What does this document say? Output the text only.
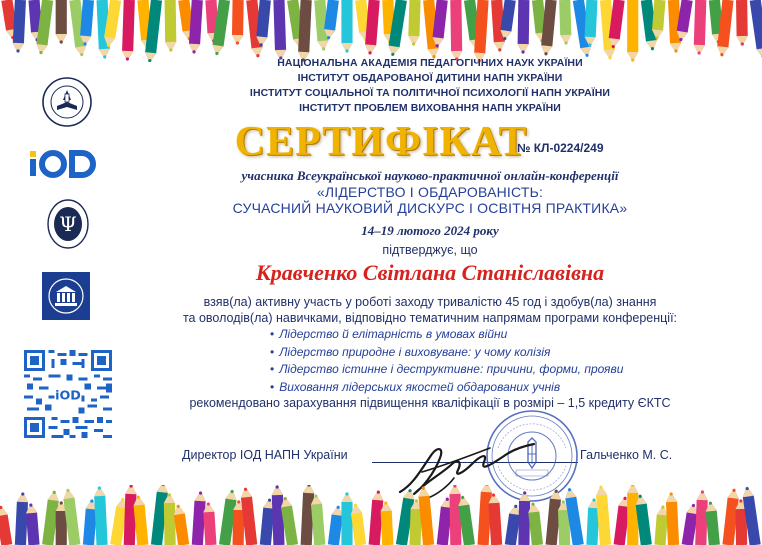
Ψ
iOD
НАЦІОНАЛЬНА АКАДЕМІЯ ПЕДАГОГІЧНИХ НАУК УКРАЇНИ
ІНСТИТУТ ОБДАРОВАНОЇ ДИТИНИ НАПН УКРАЇНИ
ІНСТИТУТ СОЦІАЛЬНОЇ ТА ПОЛІТИЧНОЇ ПСИХОЛОГІЇ НАПН УКРАЇНИ
ІНСТИТУТ ПРОБЛЕМ ВИХОВАННЯ НАПН УКРАЇНИ
СЕРТИФІКАТ
№ КЛ-0224/249
учасника Всеукраїнської науково-практичної онлайн-конференції
«ЛІДЕРСТВО І ОБДАРОВАНІСТЬ:
СУЧАСНИЙ НАУКОВИЙ ДИСКУРС І ОСВІТНЯ ПРАКТИКА»
14–19 лютого 2024 року
підтверджує, що
Кравченко Світлана Станіславівна
взяв(ла) активну участь у роботі заходу тривалістю 45 год і здобув(ла) знання
та оволодів(ла) навичками, відповідно тематичним напрямам програми конференції:
• Лідерство й елітарність в умовах війни
• Лідерство природне і виховуване: у чому колізія
• Лідерство істинне і деструктивне: причини, форми, прояви
• Виховання лідерських якостей обдарованих учнів
рекомендовано зарахування підвищення кваліфікації в розмірі – 1,5 кредиту ЄКТС
Директор ІОД НАПН України	Гальченко М. С.
